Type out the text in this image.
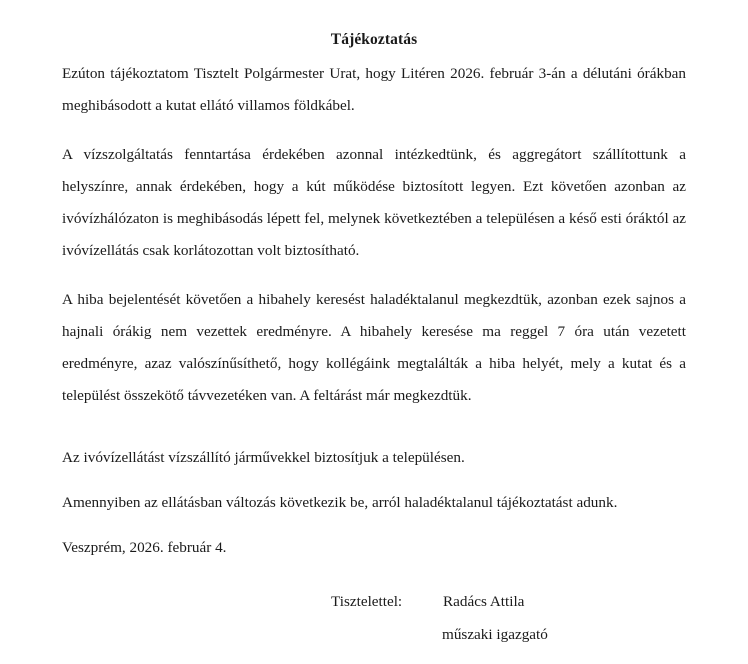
Tájékoztatás

Ezúton tájékoztatom Tisztelt Polgármester Urat, hogy Litéren 2026. február 3-án a délutáni órákban meghibásodott a kutat ellátó villamos földkábel.

A vízszolgáltatás fenntartása érdekében azonnal intézkedtünk, és aggregátort szállítottunk a helyszínre, annak érdekében, hogy a kút működése biztosított legyen. Ezt követően azonban az ivóvízhálózaton is meghibásodás lépett fel, melynek következtében a településen a késő esti óráktól az ivóvízellátás csak korlátozottan volt biztosítható.

A hiba bejelentését követően a hibahely keresést haladéktalanul megkezdtük, azonban ezek sajnos a hajnali órákig nem vezettek eredményre. A hibahely keresése ma reggel 7 óra után vezetett eredményre, azaz valószínűsíthető, hogy kollégáink megtalálták a hiba helyét, mely a kutat és a települést összekötő távvezetéken van. A feltárást már megkezdtük.

Az ivóvízellátást vízszállító járművekkel biztosítjuk a településen.

Amennyiben az ellátásban változás következik be, arról haladéktalanul tájékoztatást adunk.

Veszprém, 2026. február 4.

Tisztelettel:	Radács Attila
műszaki igazgató
